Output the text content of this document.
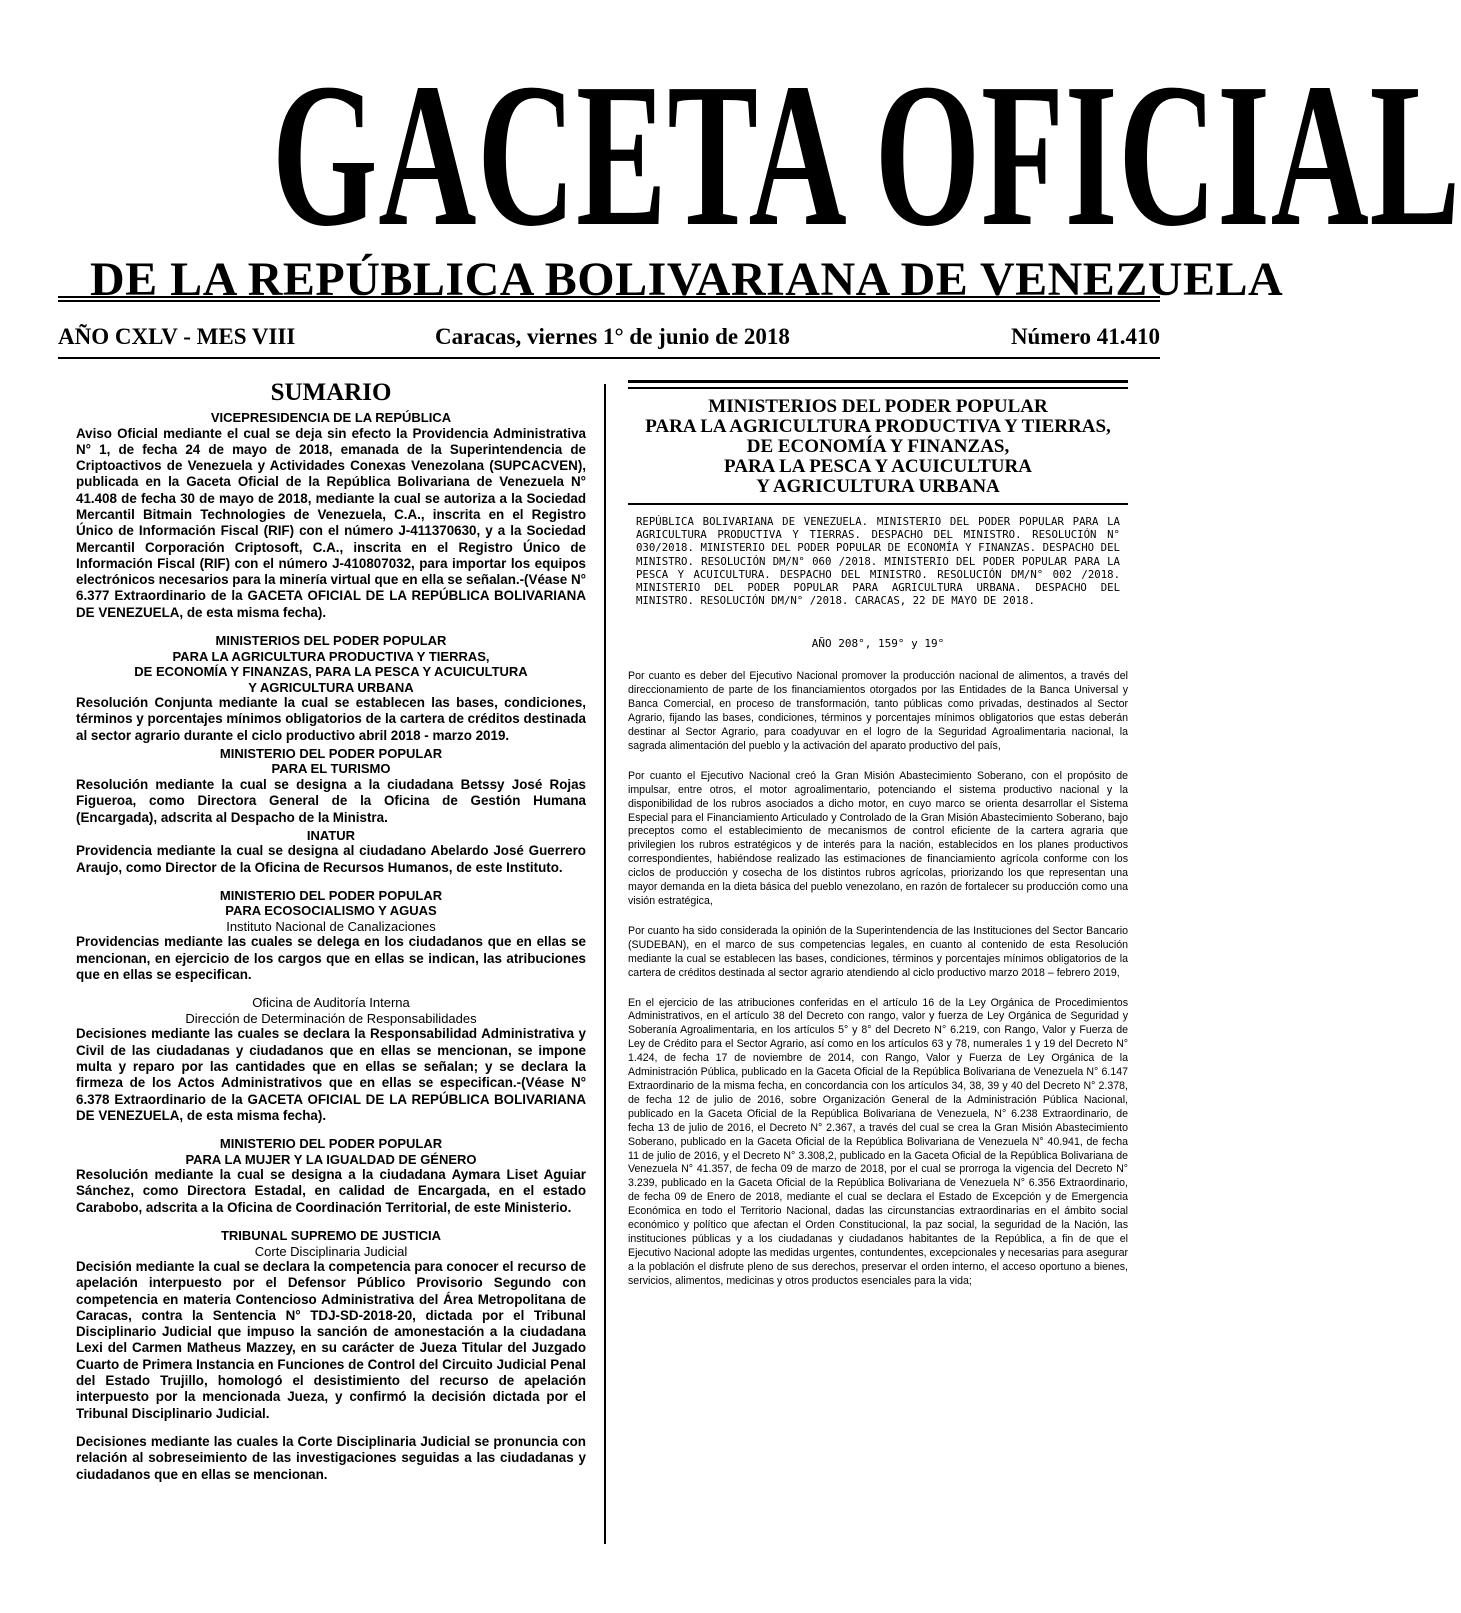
GACETA OFICIAL
DE LA REPÚBLICA BOLIVARIANA DE VENEZUELA
AÑO CXLV - MES VIII	Caracas, viernes 1° de junio de 2018	Número 41.410
SUMARIO
VICEPRESIDENCIA DE LA REPÚBLICA

Aviso Oficial mediante el cual se deja sin efecto la Providencia Administrativa N° 1, de fecha 24 de mayo de 2018, emanada de la Superintendencia de Criptoactivos de Venezuela y Actividades Conexas Venezolana (SUPCACVEN), publicada en la Gaceta Oficial de la República Bolivariana de Venezuela N° 41.408 de fecha 30 de mayo de 2018, mediante la cual se autoriza a la Sociedad Mercantil Bitmain Technologies de Venezuela, C.A., inscrita en el Registro Único de Información Fiscal (RIF) con el número J-411370630, y a la Sociedad Mercantil Corporación Criptosoft, C.A., inscrita en el Registro Único de Información Fiscal (RIF) con el número J-410807032, para importar los equipos electrónicos necesarios para la minería virtual que en ella se señalan.-(Véase N° 6.377 Extraordinario de la GACETA OFICIAL DE LA REPÚBLICA BOLIVARIANA DE VENEZUELA, de esta misma fecha).

MINISTERIOS DEL PODER POPULAR
PARA LA AGRICULTURA PRODUCTIVA Y TIERRAS,
DE ECONOMÍA Y FINANZAS, PARA LA PESCA Y ACUICULTURA
Y AGRICULTURA URBANA

Resolución Conjunta mediante la cual se establecen las bases, condiciones, términos y porcentajes mínimos obligatorios de la cartera de créditos destinada al sector agrario durante el ciclo productivo abril 2018 - marzo 2019.

MINISTERIO DEL PODER POPULAR
PARA EL TURISMO

Resolución mediante la cual se designa a la ciudadana Betssy José Rojas Figueroa, como Directora General de la Oficina de Gestión Humana (Encargada), adscrita al Despacho de la Ministra.

INATUR

Providencia mediante la cual se designa al ciudadano Abelardo José Guerrero Araujo, como Director de la Oficina de Recursos Humanos, de este Instituto.

MINISTERIO DEL PODER POPULAR
PARA ECOSOCIALISMO Y AGUAS
Instituto Nacional de Canalizaciones

Providencias mediante las cuales se delega en los ciudadanos que en ellas se mencionan, en ejercicio de los cargos que en ellas se indican, las atribuciones que en ellas se especifican.

Oficina de Auditoría Interna
Dirección de Determinación de Responsabilidades

Decisiones mediante las cuales se declara la Responsabilidad Administrativa y Civil de las ciudadanas y ciudadanos que en ellas se mencionan, se impone multa y reparo por las cantidades que en ellas se señalan; y se declara la firmeza de los Actos Administrativos que en ellas se especifican.-(Véase N° 6.378 Extraordinario de la GACETA OFICIAL DE LA REPÚBLICA BOLIVARIANA DE VENEZUELA, de esta misma fecha).

MINISTERIO DEL PODER POPULAR
PARA LA MUJER Y LA IGUALDAD DE GÉNERO

Resolución mediante la cual se designa a la ciudadana Aymara Liset Aguiar Sánchez, como Directora Estadal, en calidad de Encargada, en el estado Carabobo, adscrita a la Oficina de Coordinación Territorial, de este Ministerio.

TRIBUNAL SUPREMO DE JUSTICIA
Corte Disciplinaria Judicial

Decisión mediante la cual se declara la competencia para conocer el recurso de apelación interpuesto por el Defensor Público Provisorio Segundo con competencia en materia Contencioso Administrativa del Área Metropolitana de Caracas, contra la Sentencia N° TDJ-SD-2018-20, dictada por el Tribunal Disciplinario Judicial que impuso la sanción de amonestación a la ciudadana Lexi del Carmen Matheus Mazzey, en su carácter de Jueza Titular del Juzgado Cuarto de Primera Instancia en Funciones de Control del Circuito Judicial Penal del Estado Trujillo, homologó el desistimiento del recurso de apelación interpuesto por la mencionada Jueza, y confirmó la decisión dictada por el Tribunal Disciplinario Judicial.

Decisiones mediante las cuales la Corte Disciplinaria Judicial se pronuncia con relación al sobreseimiento de las investigaciones seguidas a las ciudadanas y ciudadanos que en ellas se mencionan.

MINISTERIOS DEL PODER POPULAR
PARA LA AGRICULTURA PRODUCTIVA Y TIERRAS,
DE ECONOMÍA Y FINANZAS,
PARA LA PESCA Y ACUICULTURA
Y AGRICULTURA URBANA

REPÚBLICA BOLIVARIANA DE VENEZUELA. MINISTERIO DEL PODER POPULAR PARA LA AGRICULTURA PRODUCTIVA Y TIERRAS. DESPACHO DEL MINISTRO. RESOLUCIÓN N° 030/2018. MINISTERIO DEL PODER POPULAR DE ECONOMÍA Y FINANZAS. DESPACHO DEL MINISTRO. RESOLUCIÓN DM/N° 060 /2018. MINISTERIO DEL PODER POPULAR PARA LA PESCA Y ACUICULTURA. DESPACHO DEL MINISTRO. RESOLUCIÓN DM/N° 002 /2018. MINISTERIO DEL PODER POPULAR PARA AGRICULTURA URBANA. DESPACHO DEL MINISTRO. RESOLUCIÓN DM/N° /2018. CARACAS, 22 DE MAYO DE 2018.

AÑO 208°, 159° y 19°

Por cuanto es deber del Ejecutivo Nacional promover la producción nacional de alimentos, a través del direccionamiento de parte de los financiamientos otorgados por las Entidades de la Banca Universal y Banca Comercial, en proceso de transformación, tanto públicas como privadas, destinados al Sector Agrario, fijando las bases, condiciones, términos y porcentajes mínimos obligatorios que estas deberán destinar al Sector Agrario, para coadyuvar en el logro de la Seguridad Agroalimentaria nacional, la sagrada alimentación del pueblo y la activación del aparato productivo del país,

Por cuanto el Ejecutivo Nacional creó la Gran Misión Abastecimiento Soberano, con el propósito de impulsar, entre otros, el motor agroalimentario, potenciando el sistema productivo nacional y la disponibilidad de los rubros asociados a dicho motor, en cuyo marco se orienta desarrollar el Sistema Especial para el Financiamiento Articulado y Controlado de la Gran Misión Abastecimiento Soberano, bajo preceptos como el establecimiento de mecanismos de control eficiente de la cartera agraria que privilegien los rubros estratégicos y de interés para la nación, establecidos en los planes productivos correspondientes, habiéndose realizado las estimaciones de financiamiento agrícola conforme con los ciclos de producción y cosecha de los distintos rubros agrícolas, priorizando los que representan una mayor demanda en la dieta básica del pueblo venezolano, en razón de fortalecer su producción como una visión estratégica,

Por cuanto ha sido considerada la opinión de la Superintendencia de las Instituciones del Sector Bancario (SUDEBAN), en el marco de sus competencias legales, en cuanto al contenido de esta Resolución mediante la cual se establecen las bases, condiciones, términos y porcentajes mínimos obligatorios de la cartera de créditos destinada al sector agrario atendiendo al ciclo productivo marzo 2018 – febrero 2019,

En el ejercicio de las atribuciones conferidas en el artículo 16 de la Ley Orgánica de Procedimientos Administrativos, en el artículo 38 del Decreto con rango, valor y fuerza de Ley Orgánica de Seguridad y Soberanía Agroalimentaria, en los artículos 5° y 8° del Decreto N° 6.219, con Rango, Valor y Fuerza de Ley de Crédito para el Sector Agrario, así como en los artículos 63 y 78, numerales 1 y 19 del Decreto N° 1.424, de fecha 17 de noviembre de 2014, con Rango, Valor y Fuerza de Ley Orgánica de la Administración Pública, publicado en la Gaceta Oficial de la República Bolivariana de Venezuela N° 6.147 Extraordinario de la misma fecha, en concordancia con los artículos 34, 38, 39 y 40 del Decreto N° 2.378, de fecha 12 de julio de 2016, sobre Organización General de la Administración Pública Nacional, publicado en la Gaceta Oficial de la República Bolivariana de Venezuela, N° 6.238 Extraordinario, de fecha 13 de julio de 2016, el Decreto N° 2.367, a través del cual se crea la Gran Misión Abastecimiento Soberano, publicado en la Gaceta Oficial de la República Bolivariana de Venezuela N° 40.941, de fecha 11 de julio de 2016, y el Decreto N° 3.308,2, publicado en la Gaceta Oficial de la República Bolivariana de Venezuela N° 41.357, de fecha 09 de marzo de 2018, por el cual se prorroga la vigencia del Decreto N° 3.239, publicado en la Gaceta Oficial de la República Bolivariana de Venezuela N° 6.356 Extraordinario, de fecha 09 de Enero de 2018, mediante el cual se declara el Estado de Excepción y de Emergencia Económica en todo el Territorio Nacional, dadas las circunstancias extraordinarias en el ámbito social económico y político que afectan el Orden Constitucional, la paz social, la seguridad de la Nación, las instituciones públicas y a los ciudadanas y ciudadanos habitantes de la República, a fin de que el Ejecutivo Nacional adopte las medidas urgentes, contundentes, excepcionales y necesarias para asegurar a la población el disfrute pleno de sus derechos, preservar el orden interno, el acceso oportuno a bienes, servicios, alimentos, medicinas y otros productos esenciales para la vida;
